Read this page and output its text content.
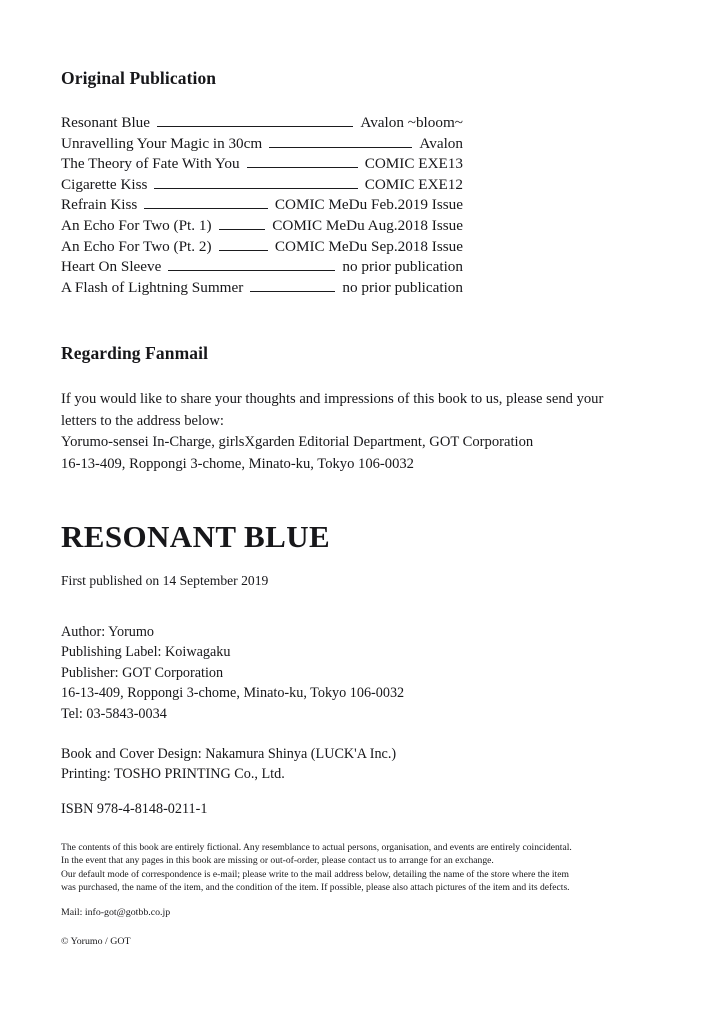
Original Publication
Resonant Blue	Avalon ~bloom~
Unravelling Your Magic in 30cm	Avalon
The Theory of Fate With You	COMIC EXE13
Cigarette Kiss	COMIC EXE12
Refrain Kiss	COMIC MeDu Feb.2019 Issue
An Echo For Two (Pt. 1)	COMIC MeDu Aug.2018 Issue
An Echo For Two (Pt. 2)	COMIC MeDu Sep.2018 Issue
Heart On Sleeve	no prior publication
A Flash of Lightning Summer	no prior publication
Regarding Fanmail

If you would like to share your thoughts and impressions of this book to us, please send your

letters to the address below:

Yorumo-sensei In-Charge, girlsXgarden Editorial Department, GOT Corporation

16-13-409, Roppongi 3-chome, Minato-ku, Tokyo 106-0032

RESONANT BLUE

First published on 14 September 2019

Author: Yorumo
Publishing Label: Koiwagaku
Publisher: GOT Corporation
16-13-409, Roppongi 3-chome, Minato-ku, Tokyo 106-0032
Tel: 03-5843-0034
Book and Cover Design: Nakamura Shinya (LUCK'A Inc.)
Printing: TOSHO PRINTING Co., Ltd.
ISBN 978-4-8148-0211-1
The contents of this book are entirely fictional. Any resemblance to actual persons, organisation, and events are entirely coincidental.
In the event that any pages in this book are missing or out-of-order, please contact us to arrange for an exchange.
Our default mode of correspondence is e-mail; please write to the mail address below, detailing the name of the store where the item
was purchased, the name of the item, and the condition of the item. If possible, please also attach pictures of the item and its defects.
Mail: info-got@gotbb.co.jp
© Yorumo / GOT
